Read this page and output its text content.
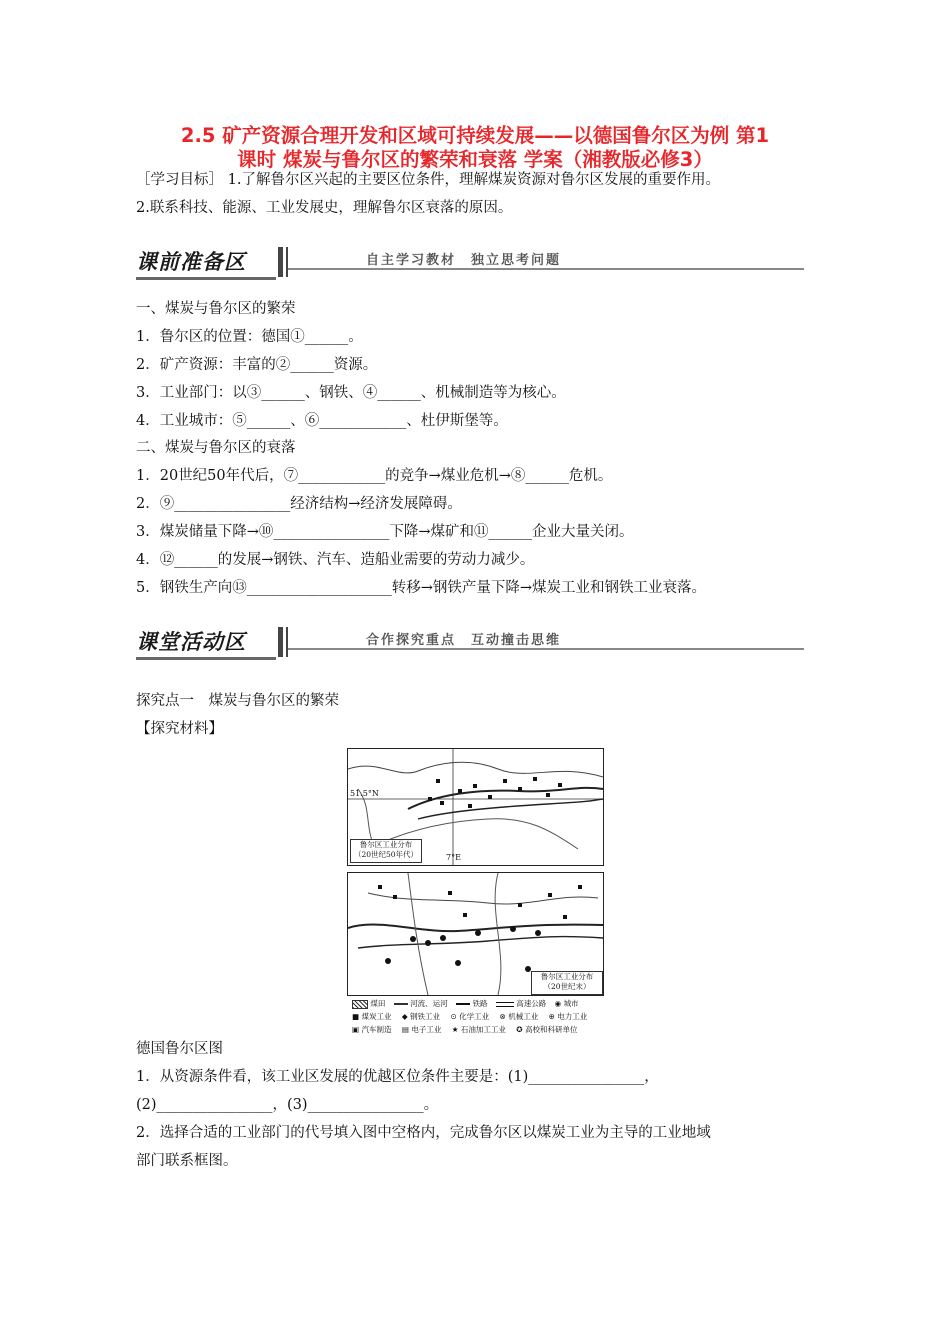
2.5 矿产资源合理开发和区域可持续发展——以德国鲁尔区为例 第1
课时 煤炭与鲁尔区的繁荣和衰落 学案（湘教版必修3）
［学习目标］ 1.了解鲁尔区兴起的主要区位条件，理解煤炭资源对鲁尔区发展的重要作用。
2.联系科技、能源、工业发展史，理解鲁尔区衰落的原因。
课前准备区	自主学习教材　独立思考问题
一、煤炭与鲁尔区的繁荣
1．鲁尔区的位置：德国①______。
2．矿产资源：丰富的②______资源。
3．工业部门：以③______、钢铁、④______、机械制造等为核心。
4．工业城市：⑤______、⑥____________、杜伊斯堡等。
二、煤炭与鲁尔区的衰落
1．20世纪50年代后，⑦____________的竞争→煤业危机→⑧______危机。
2．⑨________________经济结构→经济发展障碍。
3．煤炭储量下降→⑩________________下降→煤矿和⑪______企业大量关闭。
4．⑫______的发展→钢铁、汽车、造船业需要的劳动力减少。
5．钢铁生产向⑬____________________转移→钢铁产量下降→煤炭工业和钢铁工业衰落。
课堂活动区	合作探究重点　互动撞击思维
探究点一　煤炭与鲁尔区的繁荣
【探究材料】
51.5°N
7°E
鲁尔区工业分布
（20世纪50年代）
鲁尔区工业分布
（20世纪末）
煤田	河流、运河	铁路	高速公路 ◉ 城市
■ 煤炭工业 ◆ 钢铁工业 ⊙ 化学工业 ⊗ 机械工业 ⊕ 电力工业
▣ 汽车制造 ▤ 电子工业 ★ 石油加工工业 ✪ 高校和科研单位
德国鲁尔区图
1．从资源条件看，该工业区发展的优越区位条件主要是：(1)________________，
(2)________________，(3)________________。
2．选择合适的工业部门的代号填入图中空格内，完成鲁尔区以煤炭工业为主导的工业地域
部门联系框图。
